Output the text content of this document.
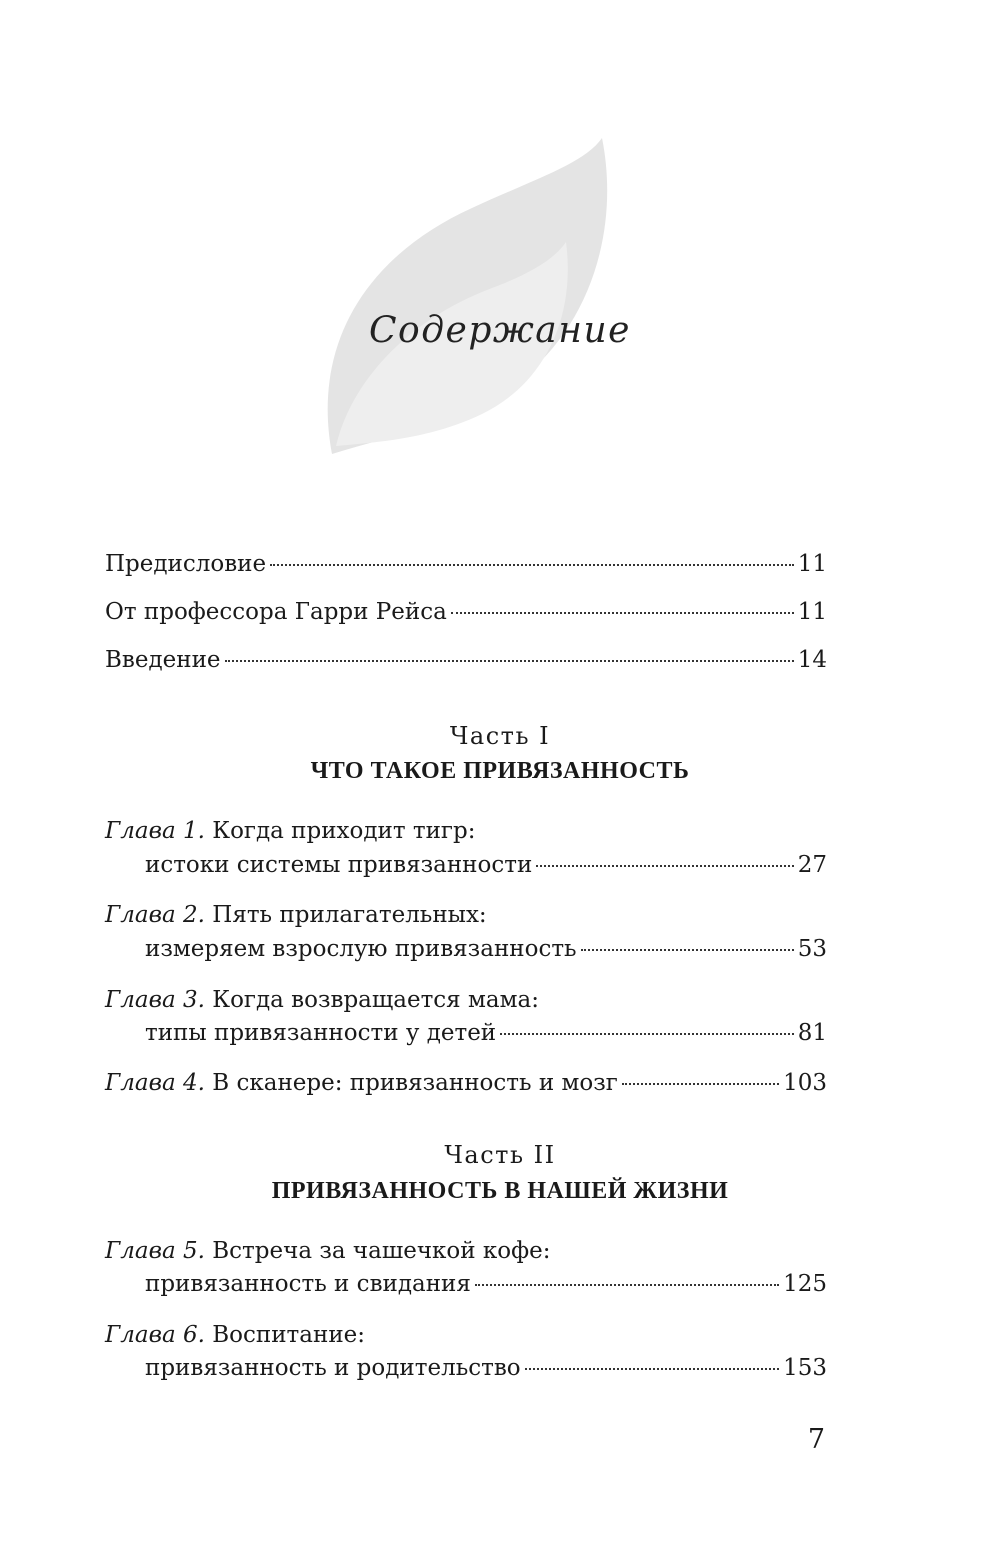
Содержание
Предисловие	11
От профессора Гарри Рейса	11
Введение	14
Часть I
ЧТО ТАКОЕ ПРИВЯЗАННОСТЬ
Глава 1. Когда приходит тигр:
истоки системы привязанности	27
Глава 2. Пять прилагательных:
измеряем взрослую привязанность	53
Глава 3. Когда возвращается мама:
типы привязанности у детей	81
Глава 4. В сканере: привязанность и мозг	103
Часть II
ПРИВЯЗАННОСТЬ В НАШЕЙ ЖИЗНИ
Глава 5. Встреча за чашечкой кофе:
привязанность и свидания	125
Глава 6. Воспитание:
привязанность и родительство	153
7
